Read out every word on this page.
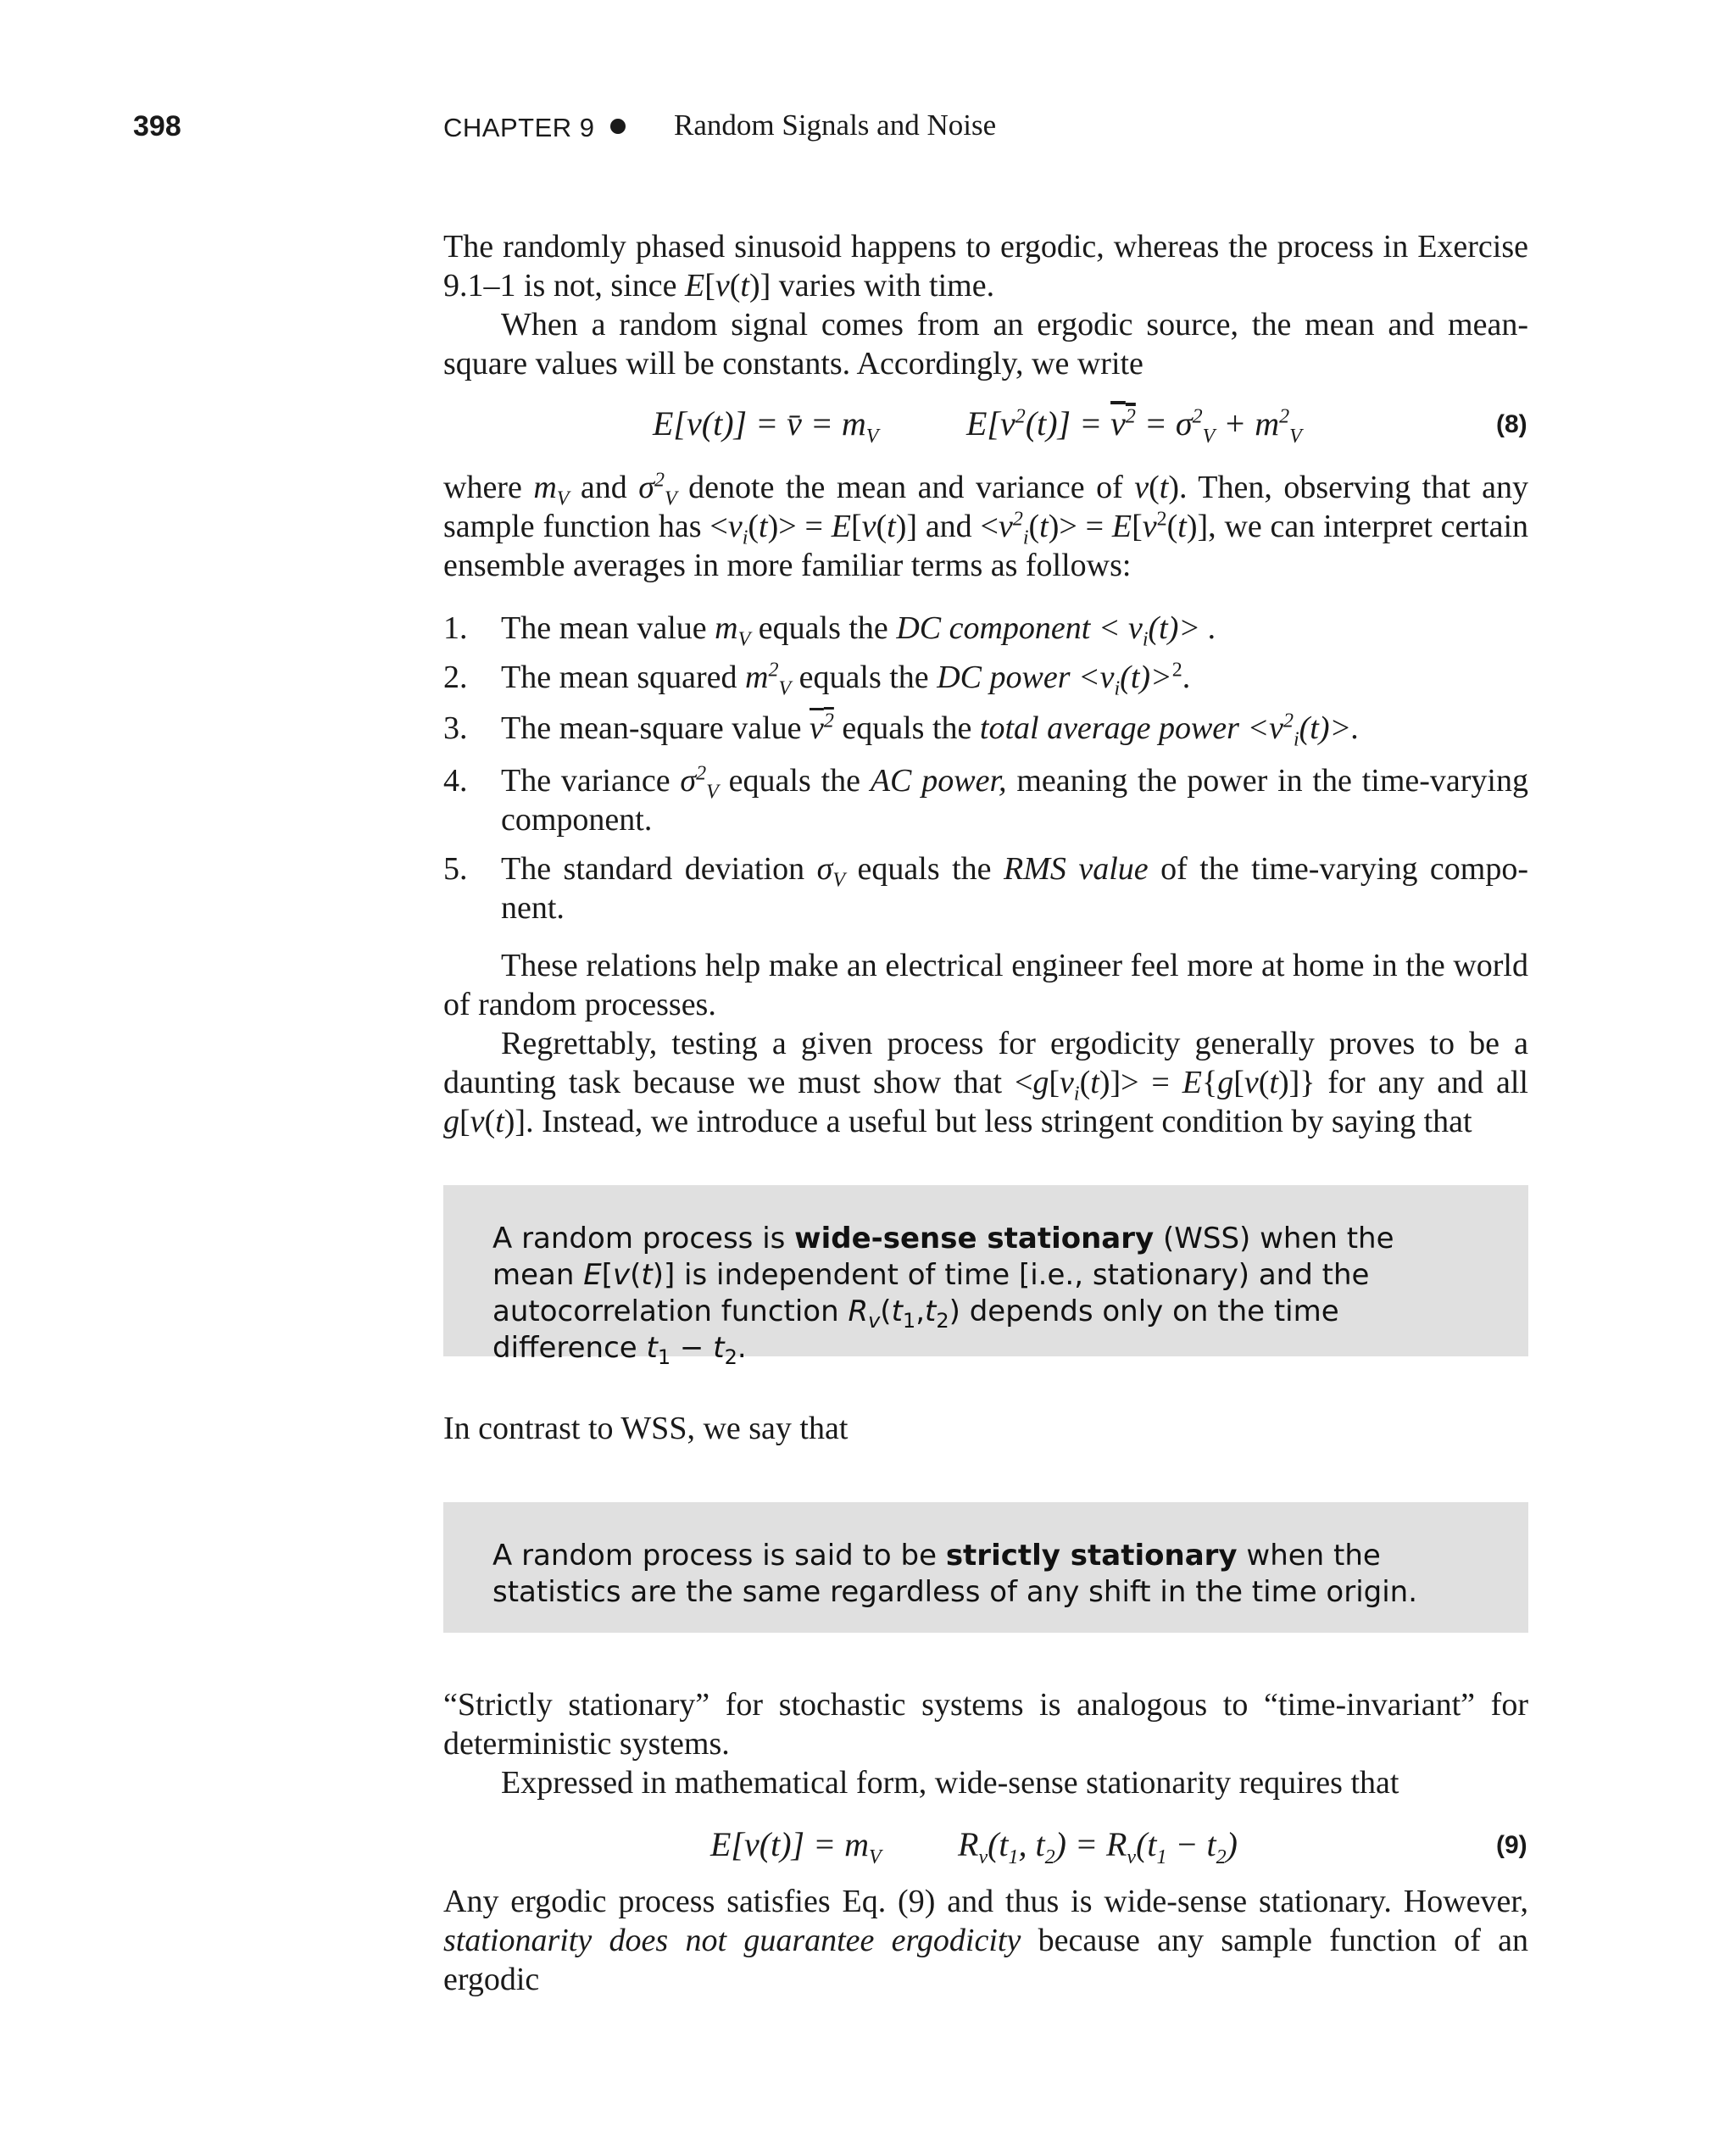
398	CHAPTER 9	Random Signals and Noise

The randomly phased sinusoid happens to ergodic, whereas the process in Exercise 9.1–1 is not, since E[v(t)] varies with time.

When a random signal comes from an ergodic source, the mean and mean-square values will be constants. Accordingly, we write

E[v(t)] = v̄ = $m_V$	$E[v^2(t)] = v^2 = \sigma^2_V + m^2_V$	(8)

where $m_V$ and $\sigma^2_V$ denote the mean and variance of v(t). Then, observing that any sample function has $<v_i(t)> = E[v(t)]$ and $<v^2_i(t)> = E[v^2(t)]$, we can interpret certain ensemble averages in more familiar terms as follows:

1. The mean value $m_V$ equals the DC component < $v_i(t)>$ .
2. The mean squared $m^2_V$ equals the DC power $<v_i(t)>^2$.
3. The mean-square value $v^2$ equals the total average power $<v^2_i(t)>$.
4. The variance $\sigma^2_V$ equals the AC power, meaning the power in the time-varying component.
5. The standard deviation $\sigma_V$ equals the RMS value of the time-varying compo-nent.

These relations help make an electrical engineer feel more at home in the world of random processes.

Regrettably, testing a given process for ergodicity generally proves to be a daunting task because we must show that $<g[v_i(t)]> = E\{g[v(t)]\}$ for any and all g[v(t)]. Instead, we introduce a useful but less stringent condition by saying that

A random process is wide-sense stationary (WSS) when the mean E[v(t)] is independent of time [i.e., stationary) and the autocorrelation function $R_v(t_1,t_2)$ depends only on the time difference $t_1 - t_2$.

In contrast to WSS, we say that

A random process is said to be strictly stationary when the statistics are the same regardless of any shift in the time origin.

“Strictly stationary” for stochastic systems is analogous to “time-invariant” for deterministic systems.

Expressed in mathematical form, wide-sense stationarity requires that

$E[v(t)] = m_V$ $R_v(t_1$, $t_2) = R_v(t_1 - t_2)$	(9)

Any ergodic process satisfies Eq. (9) and thus is wide-sense stationary. However, stationarity does not guarantee ergodicity because any sample function of an ergodic
